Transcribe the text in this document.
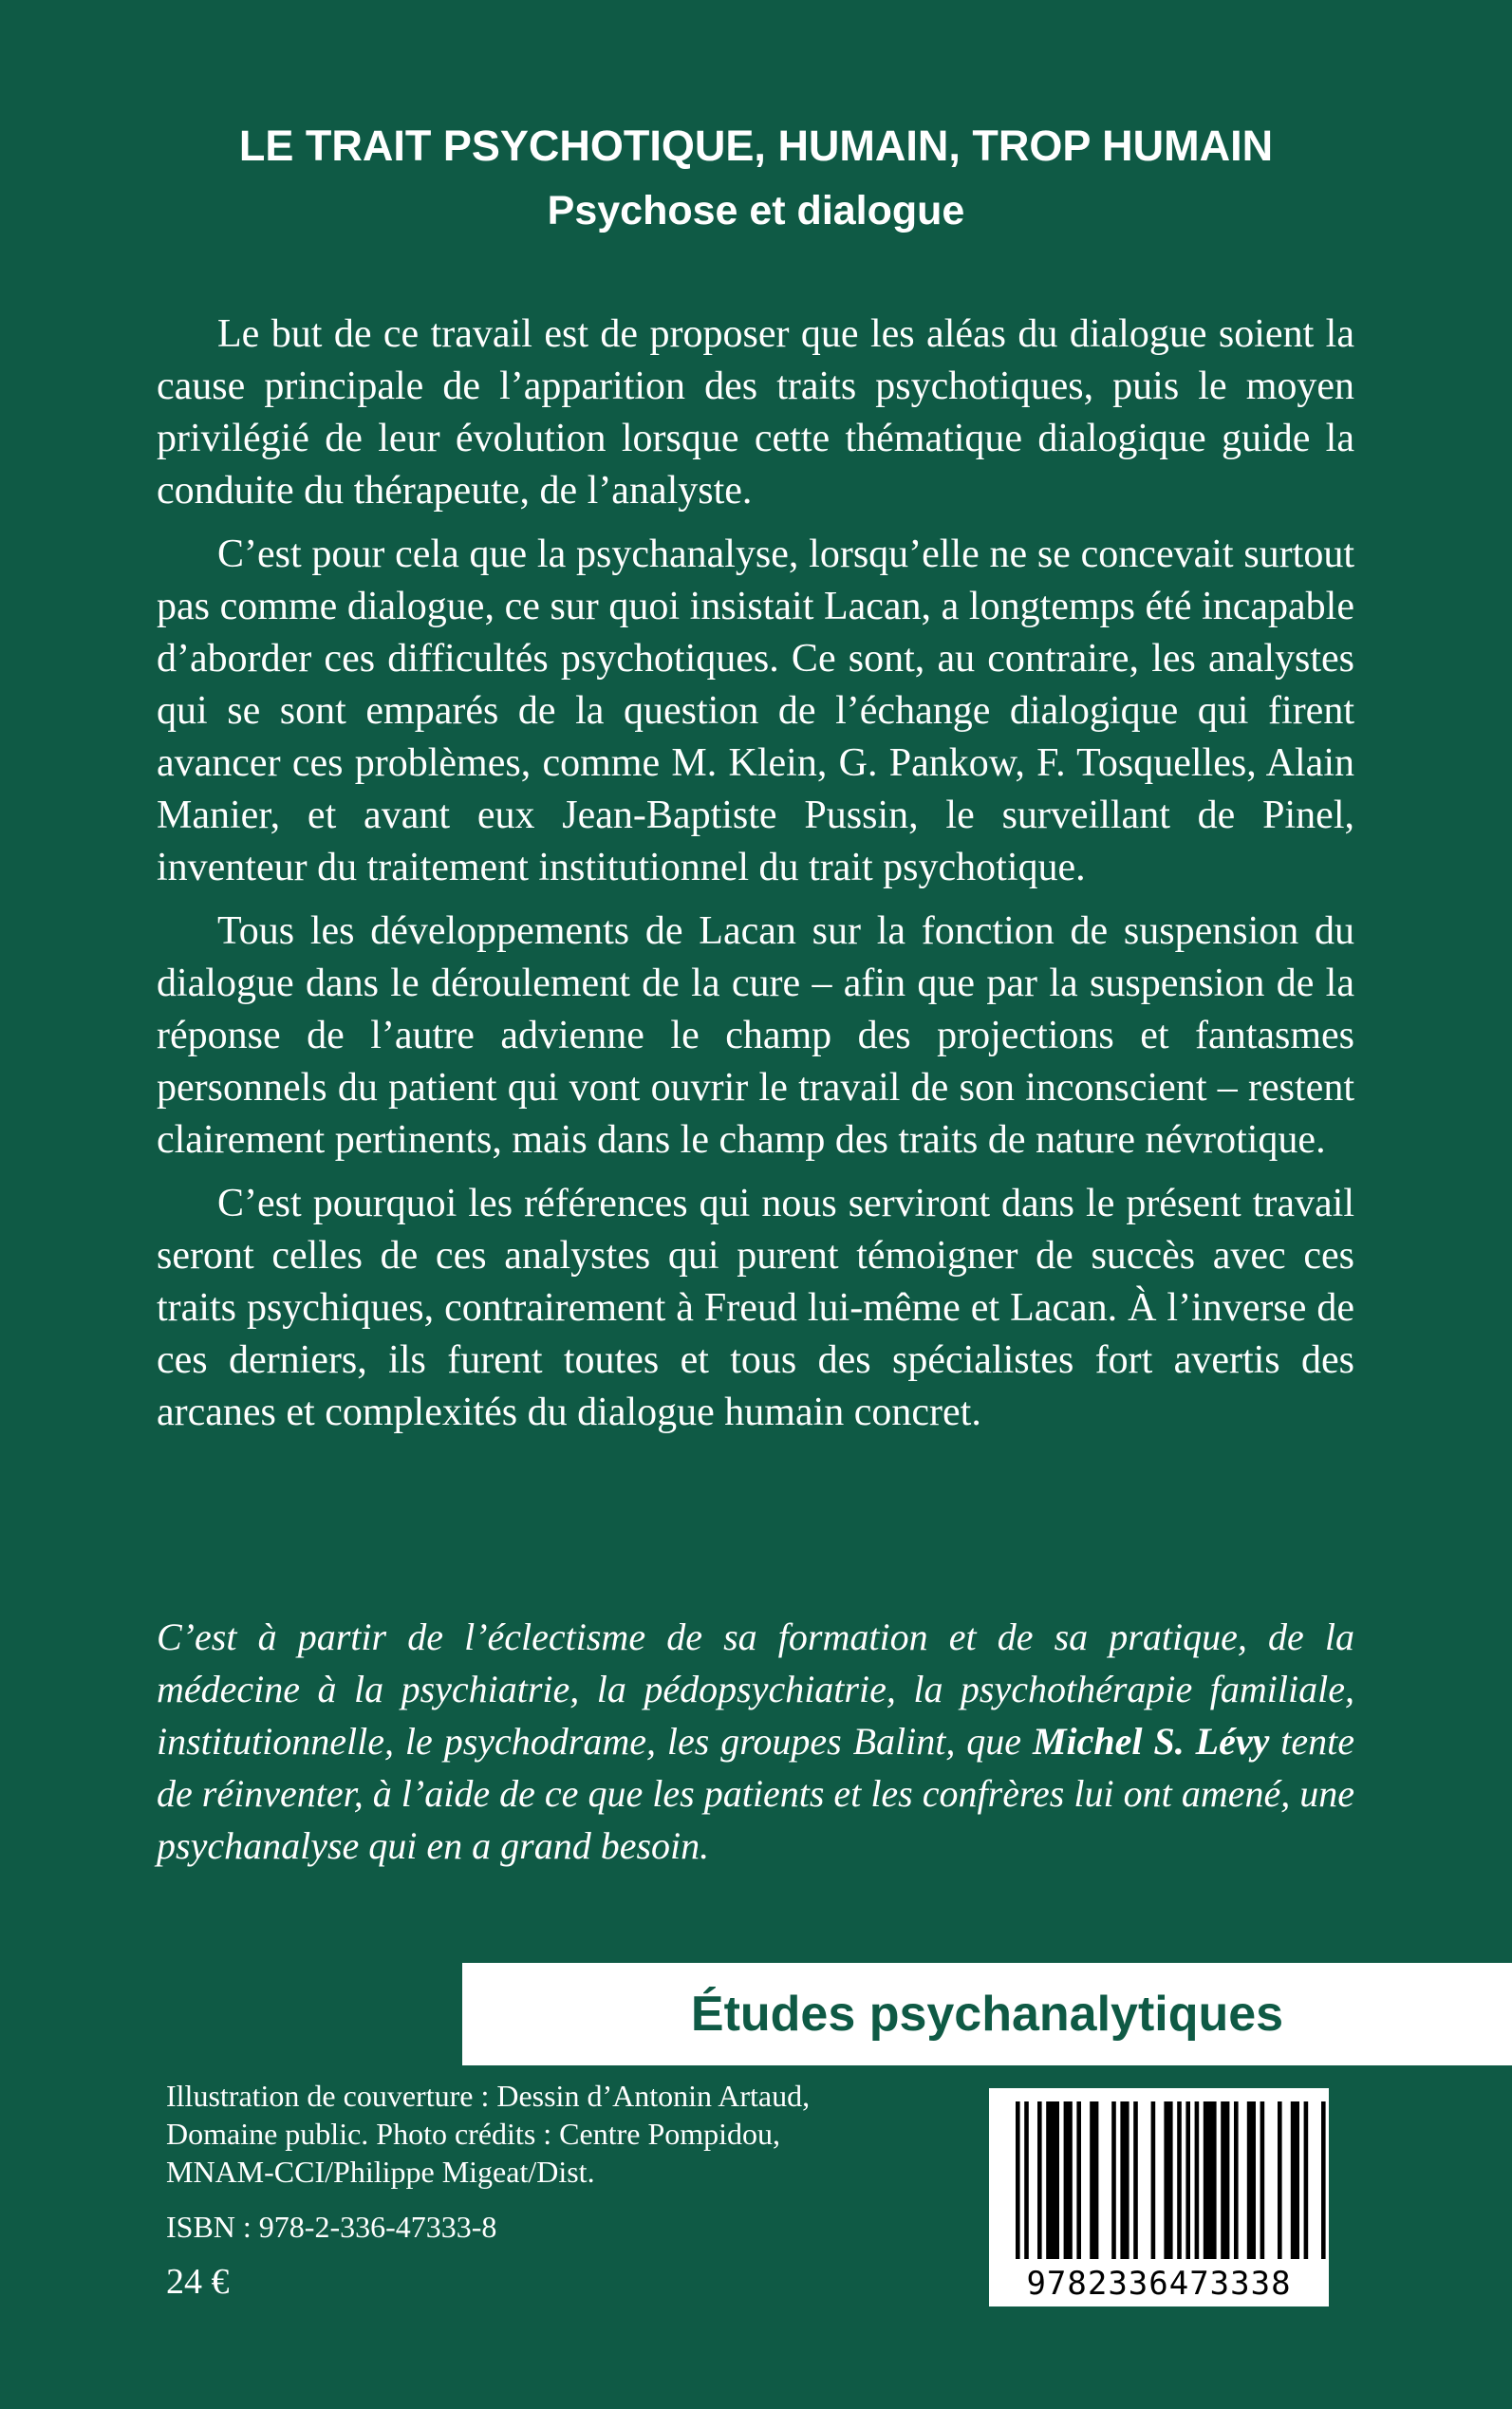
LE TRAIT PSYCHOTIQUE, HUMAIN, TROP HUMAIN
Psychose et dialogue

Le but de ce travail est de proposer que les aléas du dialogue soient la cause principale de l’apparition des traits psychotiques, puis le moyen privilégié de leur évolution lorsque cette thématique dialogique guide la conduite du thérapeute, de l’analyste.

C’est pour cela que la psychanalyse, lorsqu’elle ne se concevait surtout pas comme dialogue, ce sur quoi insistait Lacan, a longtemps été incapable d’aborder ces difficultés psychotiques. Ce sont, au contraire, les analystes qui se sont emparés de la question de l’échange dialogique qui firent avancer ces problèmes, comme M. Klein, G. Pankow, F. Tosquelles, Alain Manier, et avant eux Jean-Baptiste Pussin, le surveillant de Pinel, inventeur du traitement institutionnel du trait psychotique.

Tous les développements de Lacan sur la fonction de suspension du dialogue dans le déroulement de la cure – afin que par la suspension de la réponse de l’autre advienne le champ des projections et fantasmes personnels du patient qui vont ouvrir le travail de son inconscient – restent clairement pertinents, mais dans le champ des traits de nature névrotique.

C’est pourquoi les références qui nous serviront dans le présent travail seront celles de ces analystes qui purent témoigner de succès avec ces traits psychiques, contrairement à Freud lui-même et Lacan. À l’inverse de ces derniers, ils furent toutes et tous des spécialistes fort avertis des arcanes et complexités du dialogue humain concret.

C’est à partir de l’éclectisme de sa formation et de sa pratique, de la médecine à la psychiatrie, la pédopsychiatrie, la psychothérapie familiale, institutionnelle, le psychodrame, les groupes Balint, que Michel S. Lévy tente de réinventer, à l’aide de ce que les patients et les confrères lui ont amené, une psychanalyse qui en a grand besoin.

Études psychanalytiques
Illustration de couverture : Dessin d’Antonin Artaud,
Domaine public. Photo crédits : Centre Pompidou,
MNAM-CCI/Philippe Migeat/Dist.
ISBN : 978-2-336-47333-8
24 €	9782336473338
